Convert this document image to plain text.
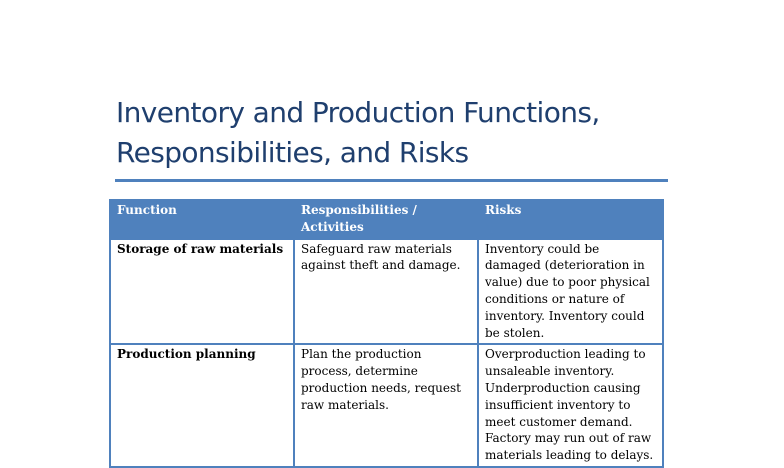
Inventory and Production Functions,
Responsibilities, and Risks
Function	Responsibilities / Activities	Risks
Storage of raw materials	Safeguard raw materials against theft and damage.	Inventory could be damaged (deterioration in value) due to poor physical conditions or nature of inventory. Inventory could be stolen.
Production planning	Plan the production process, determine production needs, request raw materials.	Overproduction leading to unsaleable inventory. Underproduction causing insufficient inventory to meet customer demand. Factory may run out of raw materials leading to delays.
